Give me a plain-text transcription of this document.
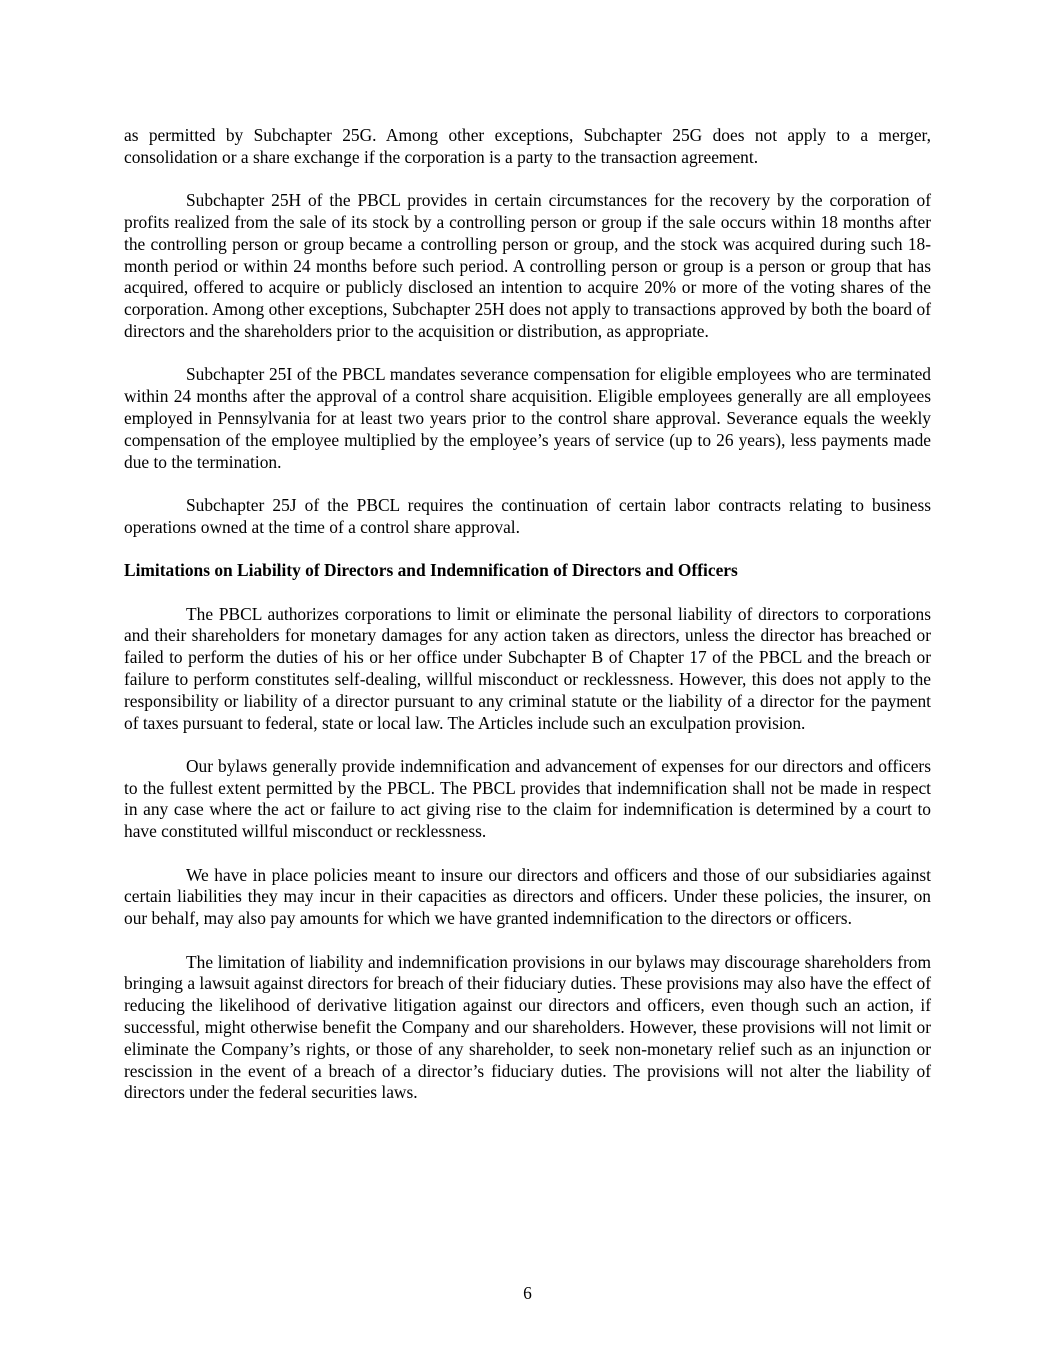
as permitted by Subchapter 25G. Among other exceptions, Subchapter 25G does not apply to a merger, consolidation or a share exchange if the corporation is a party to the transaction agreement.

Subchapter 25H of the PBCL provides in certain circumstances for the recovery by the corporation of profits realized from the sale of its stock by a controlling person or group if the sale occurs within 18 months after the controlling person or group became a controlling person or group, and the stock was acquired during such 18-month period or within 24 months before such period. A controlling person or group is a person or group that has acquired, offered to acquire or publicly disclosed an intention to acquire 20% or more of the voting shares of the corporation. Among other exceptions, Subchapter 25H does not apply to transactions approved by both the board of directors and the shareholders prior to the acquisition or distribution, as appropriate.

Subchapter 25I of the PBCL mandates severance compensation for eligible employees who are terminated within 24 months after the approval of a control share acquisition. Eligible employees generally are all employees employed in Pennsylvania for at least two years prior to the control share approval. Severance equals the weekly compensation of the employee multiplied by the employee’s years of service (up to 26 years), less payments made due to the termination.

Subchapter 25J of the PBCL requires the continuation of certain labor contracts relating to business operations owned at the time of a control share approval.

Limitations on Liability of Directors and Indemnification of Directors and Officers

The PBCL authorizes corporations to limit or eliminate the personal liability of directors to corporations and their shareholders for monetary damages for any action taken as directors, unless the director has breached or failed to perform the duties of his or her office under Subchapter B of Chapter 17 of the PBCL and the breach or failure to perform constitutes self-dealing, willful misconduct or recklessness. However, this does not apply to the responsibility or liability of a director pursuant to any criminal statute or the liability of a director for the payment of taxes pursuant to federal, state or local law. The Articles include such an exculpation provision.

Our bylaws generally provide indemnification and advancement of expenses for our directors and officers to the fullest extent permitted by the PBCL. The PBCL provides that indemnification shall not be made in respect in any case where the act or failure to act giving rise to the claim for indemnification is determined by a court to have constituted willful misconduct or recklessness.

We have in place policies meant to insure our directors and officers and those of our subsidiaries against certain liabilities they may incur in their capacities as directors and officers. Under these policies, the insurer, on our behalf, may also pay amounts for which we have granted indemnification to the directors or officers.

The limitation of liability and indemnification provisions in our bylaws may discourage shareholders from bringing a lawsuit against directors for breach of their fiduciary duties. These provisions may also have the effect of reducing the likelihood of derivative litigation against our directors and officers, even though such an action, if successful, might otherwise benefit the Company and our shareholders. However, these provisions will not limit or eliminate the Company’s rights, or those of any shareholder, to seek non-monetary relief such as an injunction or rescission in the event of a breach of a director’s fiduciary duties. The provisions will not alter the liability of directors under the federal securities laws.

6
